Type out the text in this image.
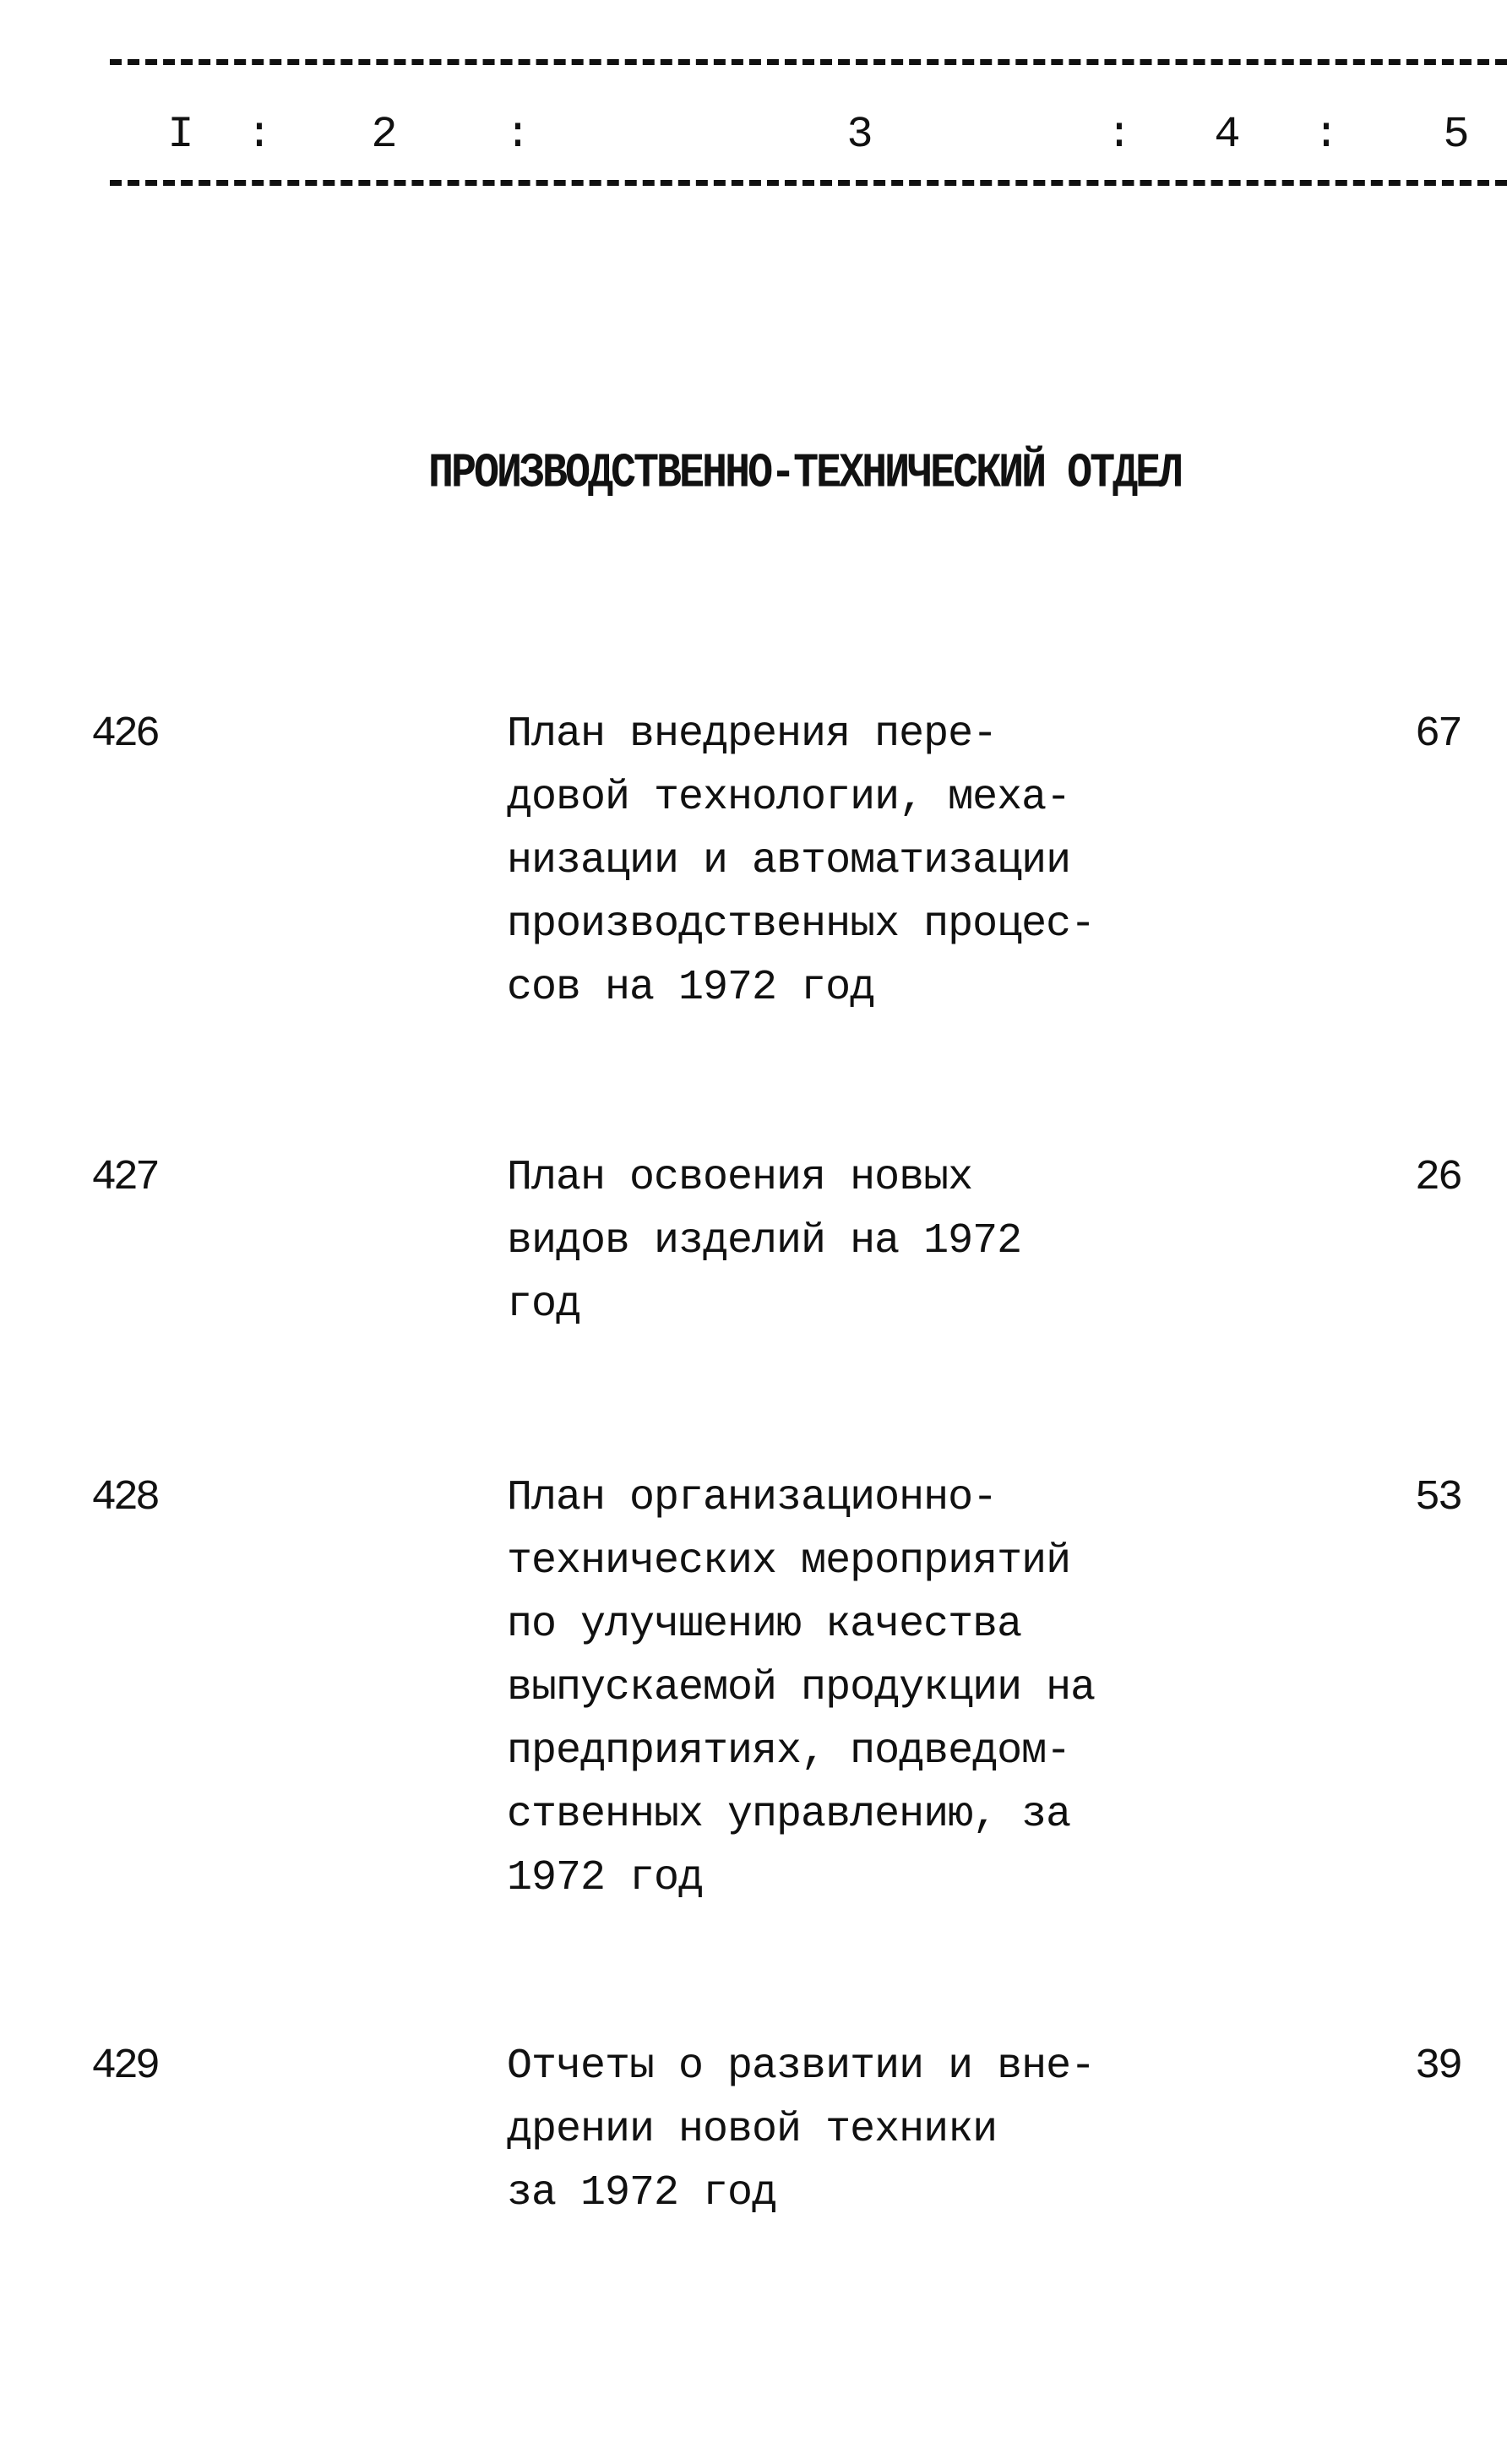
I : 2 :	3	: 4 : 5
ПРОИЗВОДСТВЕННО-ТЕХНИЧЕСКИЙ ОТДЕЛ
426	План внедрения пере-
довой технологии, меха-
низации и автоматизации
производственных процес-
сов на 1972 год
67
427	План освоения новых
видов изделий на 1972
год
26
428	План организационно-
технических мероприятий
по улучшению качества
выпускаемой продукции на
предприятиях, подведом-
ственных управлению, за
1972 год
53
429	Отчеты о развитии и вне-
дрении новой техники
за 1972 год
39
